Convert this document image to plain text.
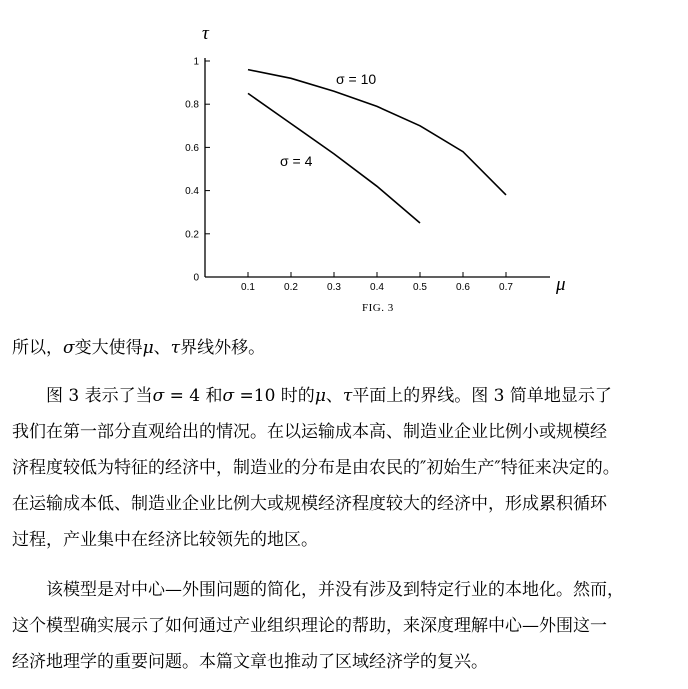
τ
μ
0
0.2
0.4
0.6
0.8
1
0.1	0.2	0.3	0.4	0.5	0.6	0.7
σ = 10
σ = 4
FIG. 3
所以，σ变大使得μ、τ界线外移。
图 3 表示了当σ = 4 和σ =10 时的μ、τ平面上的界线。图 3 简单地显示了
我们在第一部分直观给出的情况。在以运输成本高、制造业企业比例小或规模经
济程度较低为特征的经济中，制造业的分布是由农民的″初始生产″特征来决定的。
在运输成本低、制造业企业比例大或规模经济程度较大的经济中，形成累积循环
过程，产业集中在经济比较领先的地区。
该模型是对中心—外围问题的简化，并没有涉及到特定行业的本地化。然而，
这个模型确实展示了如何通过产业组织理论的帮助，来深度理解中心—外围这一
经济地理学的重要问题。本篇文章也推动了区域经济学的复兴。
